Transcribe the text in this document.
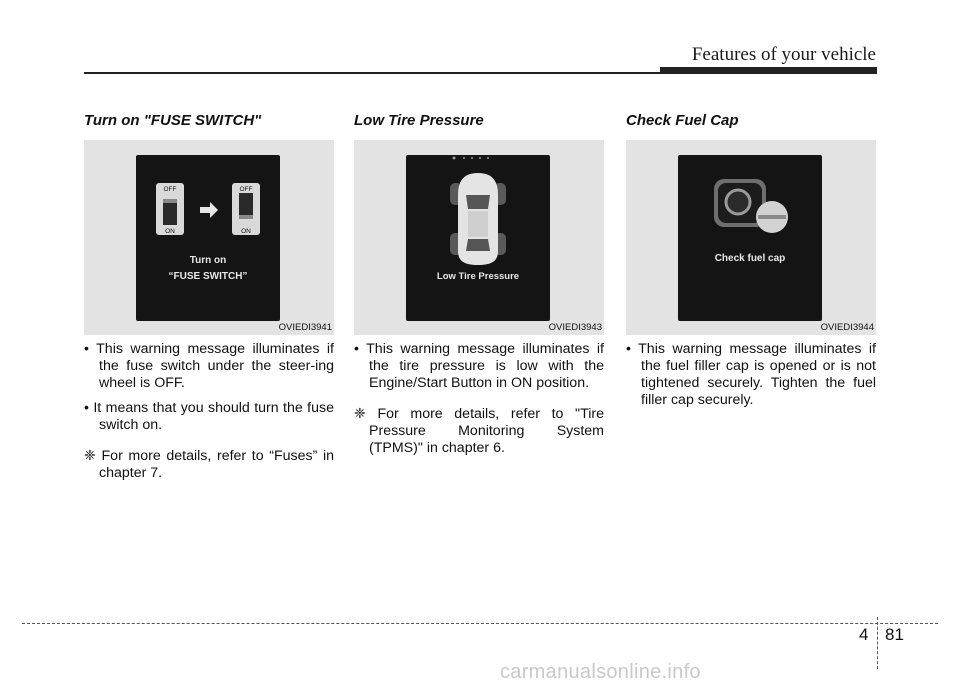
Features of your vehicle
Turn on "FUSE SWITCH"	Low Tire Pressure	Check Fuel Cap
OFF
ON
OFF
ON
Turn on
“FUSE SWITCH”
OVIEDI3941
Low Tire Pressure
OVIEDI3943
Check fuel cap
OVIEDI3944

• This warning message illuminates if the fuse switch under the steer-ing wheel is OFF.

• It means that you should turn the fuse switch on.

❈ For more details, refer to “Fuses” in chapter 7.

• This warning message illuminates if the tire pressure is low with the Engine/Start Button in ON position.

❈ For more details, refer to "Tire Pressure Monitoring System (TPMS)" in chapter 6.

• This warning message illuminates if the fuel filler cap is opened or is not tightened securely. Tighten the fuel filler cap securely.

4 81
carmanualsonline.info
